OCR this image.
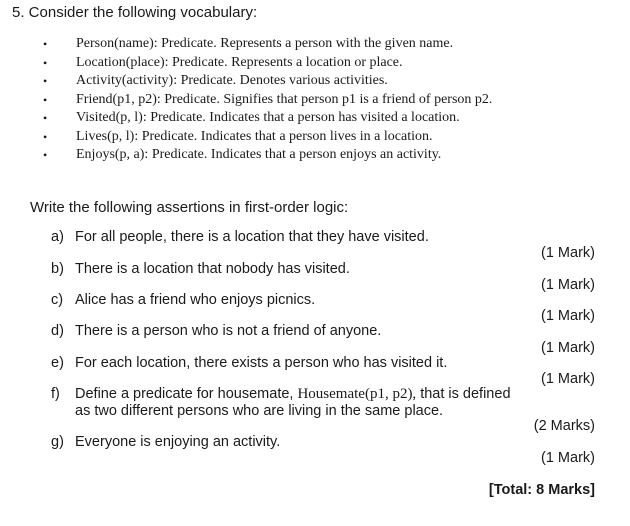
5. Consider the following vocabulary:
• Person(name): Predicate. Represents a person with the given name.
• Location(place): Predicate. Represents a location or place.
• Activity(activity): Predicate. Denotes various activities.
• Friend(p1, p2): Predicate. Signifies that person p1 is a friend of person p2.
• Visited(p, l): Predicate. Indicates that a person has visited a location.
• Lives(p, l): Predicate. Indicates that a person lives in a location.
• Enjoys(p, a): Predicate. Indicates that a person enjoys an activity.
Write the following assertions in first-order logic:
a) For all people, there is a location that they have visited.
(1 Mark)
b) There is a location that nobody has visited.
(1 Mark)
c) Alice has a friend who enjoys picnics.
(1 Mark)
d) There is a person who is not a friend of anyone.
(1 Mark)
e) For each location, there exists a person who has visited it.
(1 Mark)
f) Define a predicate for housemate, Housemate(p1, p2), that is defined
as two different persons who are living in the same place.
(2 Marks)
g) Everyone is enjoying an activity.
(1 Mark)
[Total: 8 Marks]
